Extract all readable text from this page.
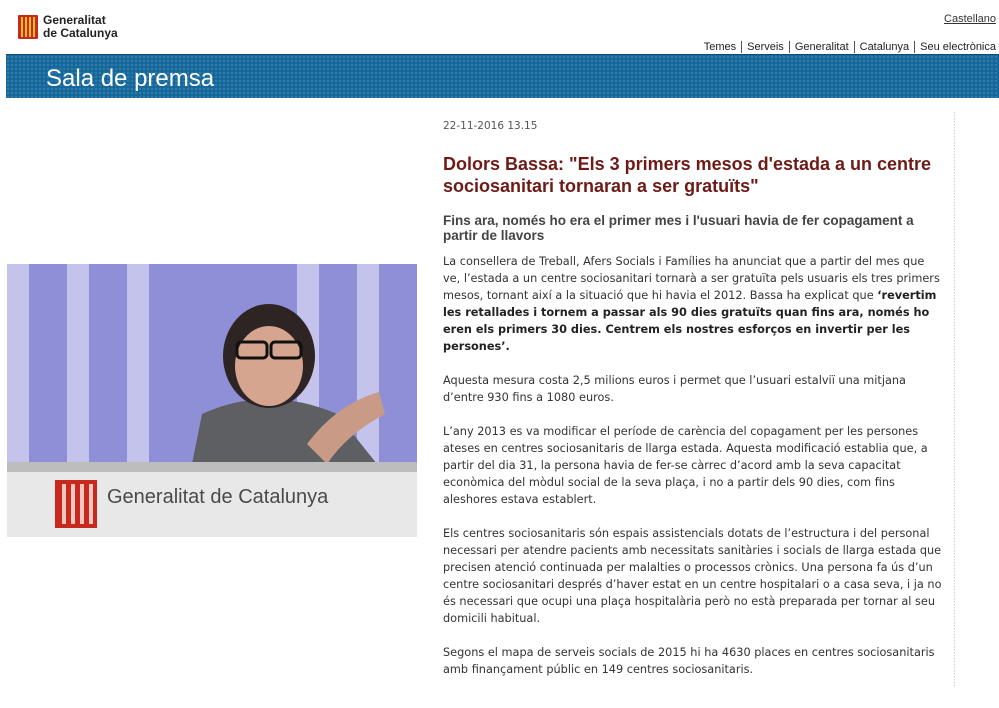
Generalitat
de Catalunya
Castellano
Temes	Serveis	Generalitat	Catalunya	Seu electrònica
Sala de premsa
Generalitat de Catalunya
22-11-2016 13.15
Dolors Bassa: "Els 3 primers mesos d'estada a un centre sociosanitari tornaran a ser gratuïts"
Fins ara, només ho era el primer mes i l'usuari havia de fer copagament a partir de llavors

La consellera de Treball, Afers Socials i Famílies ha anunciat que a partir del mes que ve, l’estada a un centre sociosanitari tornarà a ser gratuïta pels usuaris els tres primers mesos, tornant així a la situació que hi havia el 2012. Bassa ha explicat que ‘revertim les retallades i tornem a passar als 90 dies gratuïts quan fins ara, només ho eren els primers 30 dies. Centrem els nostres esforços en invertir per les persones’.

Aquesta mesura costa 2,5 milions euros i permet que l’usuari estalviï una mitjana d’entre 930 fins a 1080 euros.

L’any 2013 es va modificar el període de carència del copagament per les persones ateses en centres sociosanitaris de llarga estada. Aquesta modificació establia que, a partir del dia 31, la persona havia de fer-se càrrec d’acord amb la seva capacitat econòmica del mòdul social de la seva plaça, i no a partir dels 90 dies, com fins aleshores estava establert.

Els centres sociosanitaris són espais assistencials dotats de l’estructura i del personal necessari per atendre pacients amb necessitats sanitàries i socials de llarga estada que precisen atenció continuada per malalties o processos crònics. Una persona fa ús d’un centre sociosanitari després d’haver estat en un centre hospitalari o a casa seva, i ja no és necessari que ocupi una plaça hospitalària però no està preparada per tornar al seu domicili habitual.

Segons el mapa de serveis socials de 2015 hi ha 4630 places en centres sociosanitaris amb finançament públic en 149 centres sociosanitaris.
